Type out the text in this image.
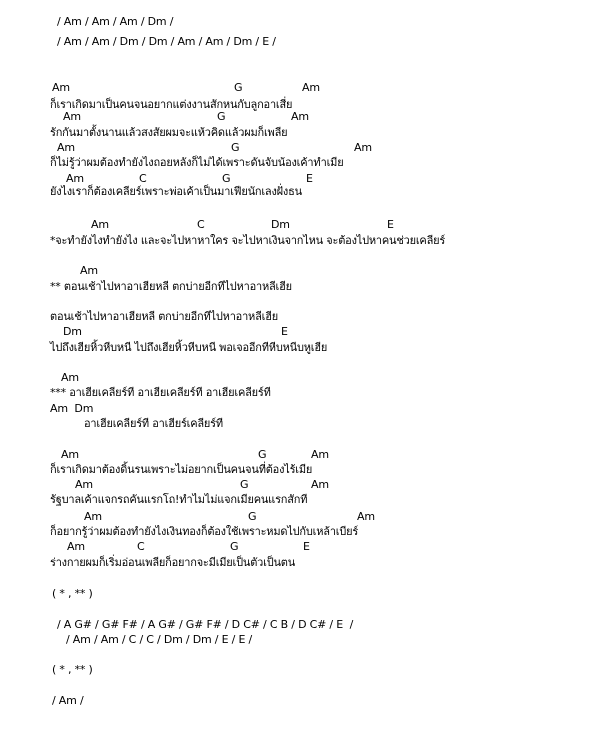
/ Am / Am / Am / Dm /
/ Am / Am / Dm / Dm / Am / Am / Dm / E /
Am	G	Am
ก็เราเกิดมาเป็นคนจนอยากแต่งงานสักหนกับลูกอาเสี่ย
Am	G	Am
รักกันมาตั้งนานแล้วสงสัยผมจะแห้วคิดแล้วผมก็เพลีย
Am	G	Am
ก็ไม่รู้ว่าผมต้องทำยังไงถอยหลังก็ไม่ได้เพราะดันจับน้องเค้าทำเมีย
Am	C	G	E
ยังไงเราก็ต้องเคลียร์เพราะพ่อเค้าเป็นมาเฟียนักเลงฝั่งธน
Am	C	Dm	E
*จะทำยังไงทำยังไง และจะไปหาหาใคร จะไปหาเงินจากไหน จะต้องไปหาคนช่วยเคลียร์
Am
** ตอนเช้าไปหาอาเฮียหลี ตกบ่ายอีกทีไปหาอาหลีเฮีย
ตอนเช้าไปหาอาเฮียหลี ตกบ่ายอีกทีไปหาอาหลีเฮีย
Dm	E
ไปถึงเฮียหิ้วหีบหนี ไปถึงเฮียหิ้วหีบหนี พอเจออีกทีหีบหนีบหูเฮีย
Am
*** อาเฮียเคลียร์ที อาเฮียเคลียร์ที อาเฮียเคลียร์ที
Am  Dm
อาเฮียเคลียร์ที อาเฮียร์เคลียร์ที
Am	G	Am
ก็เราเกิดมาต้องดิ้นรนเพราะไม่อยากเป็นคนจนที่ต้องไร้เมีย
Am	G	Am
รัฐบาลเค้าแจกรถคันแรกโถ!ทำไมไม่แจกเมียคนแรกสักที
Am	G	Am
ก็อยากรู้ว่าผมต้องทำยังไงเงินทองก็ต้องใช้เพราะหมดไปกับเหล้าเบียร์
Am	C	G	E
ร่างกายผมก็เริ่มอ่อนเพลียก็อยากจะมีเมียเป็นตัวเป็นตน
( * , ** )
/ A G# / G# F# / A G# / G# F# / D C# / C B / D C# / E  /
/ Am / Am / C / C / Dm / Dm / E / E /
( * , ** )
/ Am /
